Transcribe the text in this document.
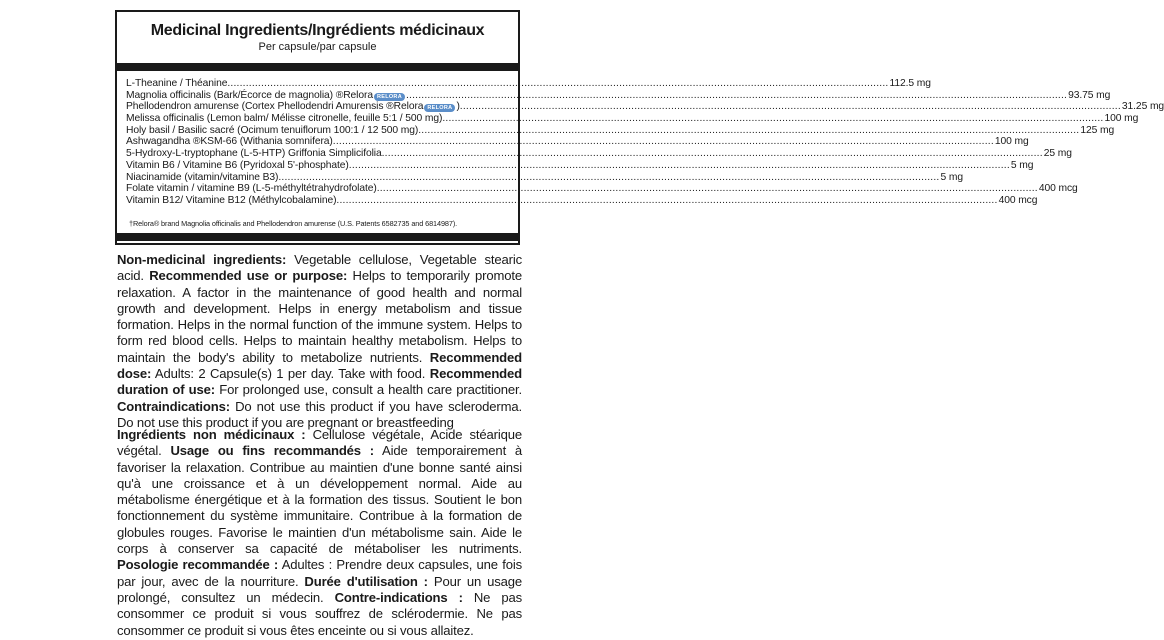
Medicinal Ingredients/Ingrédients médicinaux
Per capsule/par capsule
L-Theanine / Théanine .....	112.5 mg
Magnolia officinalis (Bark/Écorce de magnolia) ®Relora RELORA .....	93.75 mg
Phellodendron amurense (Cortex Phellodendri Amurensis ®Relora RELORA ) .....	31.25 mg
Melissa officinalis (Lemon balm/ Mélisse citronelle, feuille 5:1 / 500 mg) .....	100 mg
Holy basil / Basilic sacré (Ocimum tenuiflorum 100:1 / 12 500 mg) .....	125 mg
Ashwagandha ®KSM-66 (Withania somnifera) .....	100 mg
5-Hydroxy-L-tryptophane (L-5-HTP) Griffonia Simplicifolia .....	25 mg
Vitamin B6 / Vitamine B6 (Pyridoxal 5'-phosphate) .....	5 mg
Niacinamide (vitamin/vitamine B3) .....	5 mg
Folate vitamin / vitamine B9 (L-5-méthyltétrahydrofolate) .....	400 mcg
Vitamin B12/ Vitamine B12 (Méthylcobalamine) .....	400 mcg
†Relora® brand Magnolia officinalis and Phellodendron amurense (U.S. Patents 6582735 and 6814987).
Non-medicinal ingredients: Vegetable cellulose, Vegetable stearic acid. Recommended use or purpose: Helps to temporarily promote relaxation. A factor in the maintenance of good health and normal growth and development. Helps in energy metabolism and tissue formation. Helps in the normal function of the immune system. Helps to form red blood cells. Helps to maintain healthy metabolism. Helps to maintain the body's ability to metabolize nutrients. Recommended dose: Adults: 2 Capsule(s) 1 per day. Take with food. Recommended duration of use: For prolonged use, consult a health care practitioner. Contraindications: Do not use this product if you have scleroderma. Do not use this product if you are pregnant or breastfeeding
Ingrédients non médicinaux : Cellulose végétale, Acide stéarique végétal. Usage ou fins recommandés : Aide temporairement à favoriser la relaxation. Contribue au maintien d'une bonne santé ainsi qu'à une croissance et à un développement normal. Aide au métabolisme énergétique et à la formation des tissus. Soutient le bon fonctionnement du système immunitaire. Contribue à la formation de globules rouges. Favorise le maintien d'un métabolisme sain. Aide le corps à conserver sa capacité de métaboliser les nutriments. Posologie recommandée : Adultes : Prendre deux capsules, une fois par jour, avec de la nourriture. Durée d'utilisation : Pour un usage prolongé, consultez un médecin. Contre-indications : Ne pas consommer ce produit si vous souffrez de sclérodermie. Ne pas consommer ce produit si vous êtes enceinte ou si vous allaitez.
